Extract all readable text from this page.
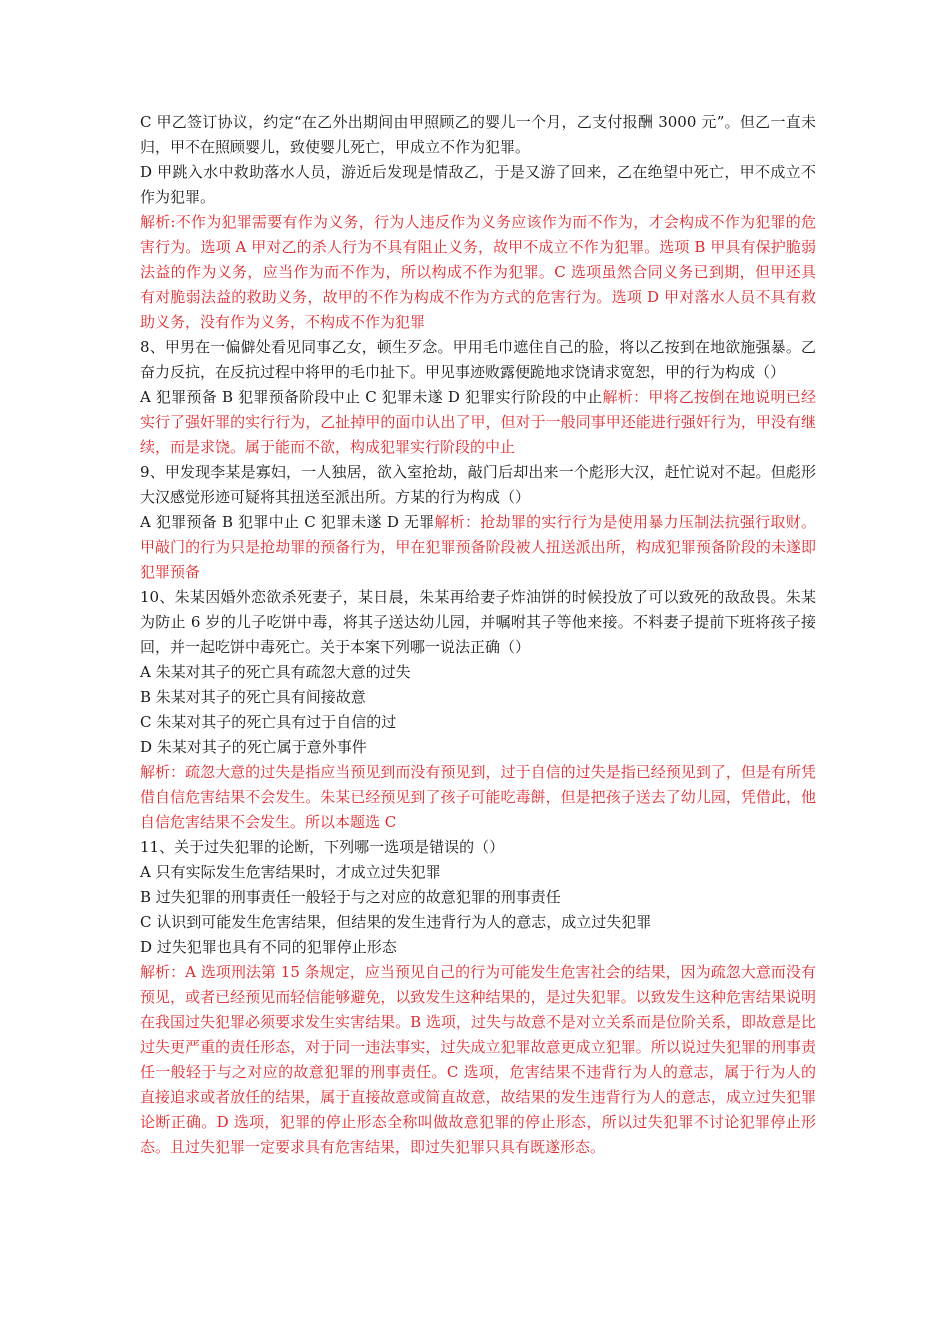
C 甲乙签订协议，约定“在乙外出期间由甲照顾乙的婴儿一个月，乙支付报酬 3000 元”。但乙一直未归，甲不在照顾婴儿，致使婴儿死亡，甲成立不作为犯罪。

D 甲跳入水中救助落水人员，游近后发现是情敌乙，于是又游了回来，乙在绝望中死亡，甲不成立不作为犯罪。

解析:不作为犯罪需要有作为义务，行为人违反作为义务应该作为而不作为，才会构成不作为犯罪的危害行为。选项 A 甲对乙的杀人行为不具有阻止义务，故甲不成立不作为犯罪。选项 B 甲具有保护脆弱法益的作为义务，应当作为而不作为，所以构成不作为犯罪。C 选项虽然合同义务已到期，但甲还具有对脆弱法益的救助义务，故甲的不作为构成不作为方式的危害行为。选项 D 甲对落水人员不具有救助义务，没有作为义务，不构成不作为犯罪

8、甲男在一偏僻处看见同事乙女，顿生歹念。甲用毛巾遮住自己的脸，将以乙按到在地欲施强暴。乙奋力反抗，在反抗过程中将甲的毛巾扯下。甲见事迹败露便跪地求饶请求宽恕，甲的行为构成（）

A 犯罪预备 B 犯罪预备阶段中止 C 犯罪未遂 D 犯罪实行阶段的中止解析：甲将乙按倒在地说明已经实行了强奸罪的实行行为，乙扯掉甲的面巾认出了甲，但对于一般同事甲还能进行强奸行为，甲没有继续，而是求饶。属于能而不欲，构成犯罪实行阶段的中止

9、甲发现李某是寡妇，一人独居，欲入室抢劫，敲门后却出来一个彪形大汉，赶忙说对不起。但彪形大汉感觉形迹可疑将其扭送至派出所。方某的行为构成（）

A 犯罪预备 B 犯罪中止 C 犯罪未遂 D 无罪解析：抢劫罪的实行行为是使用暴力压制法抗强行取财。甲敲门的行为只是抢劫罪的预备行为，甲在犯罪预备阶段被人扭送派出所，构成犯罪预备阶段的未遂即犯罪预备

10、朱某因婚外恋欲杀死妻子，某日晨，朱某再给妻子炸油饼的时候投放了可以致死的敌敌畏。朱某为防止 6 岁的儿子吃饼中毒，将其子送达幼儿园，并嘱咐其子等他来接。不料妻子提前下班将孩子接回，并一起吃饼中毒死亡。关于本案下列哪一说法正确（）

A 朱某对其子的死亡具有疏忽大意的过失

B 朱某对其子的死亡具有间接故意

C 朱某对其子的死亡具有过于自信的过

D 朱某对其子的死亡属于意外事件

解析：疏忽大意的过失是指应当预见到而没有预见到，过于自信的过失是指已经预见到了，但是有所凭借自信危害结果不会发生。朱某已经预见到了孩子可能吃毒餅，但是把孩子送去了幼儿园，凭借此，他自信危害结果不会发生。所以本题选 C

11、关于过失犯罪的论断，下列哪一选项是错误的（）

A 只有实际发生危害结果时，才成立过失犯罪

B 过失犯罪的刑事责任一般轻于与之对应的故意犯罪的刑事责任

C 认识到可能发生危害结果，但结果的发生违背行为人的意志，成立过失犯罪

D 过失犯罪也具有不同的犯罪停止形态

解析：A 选项刑法第 15 条规定，应当预见自己的行为可能发生危害社会的结果，因为疏忽大意而没有预见，或者已经预见而轻信能够避免，以致发生这种结果的，是过失犯罪。以致发生这种危害结果说明在我国过失犯罪必须要求发生实害结果。B 选项，过失与故意不是对立关系而是位阶关系，即故意是比过失更严重的责任形态，对于同一违法事实，过失成立犯罪故意更成立犯罪。所以说过失犯罪的刑事责任一般轻于与之对应的故意犯罪的刑事责任。C 选项，危害结果不违背行为人的意志，属于行为人的直接追求或者放任的结果，属于直接故意或简直故意，故结果的发生违背行为人的意志，成立过失犯罪论断正确。D 选项，犯罪的停止形态全称叫做故意犯罪的停止形态，所以过失犯罪不讨论犯罪停止形态。且过失犯罪一定要求具有危害结果，即过失犯罪只具有既遂形态。
